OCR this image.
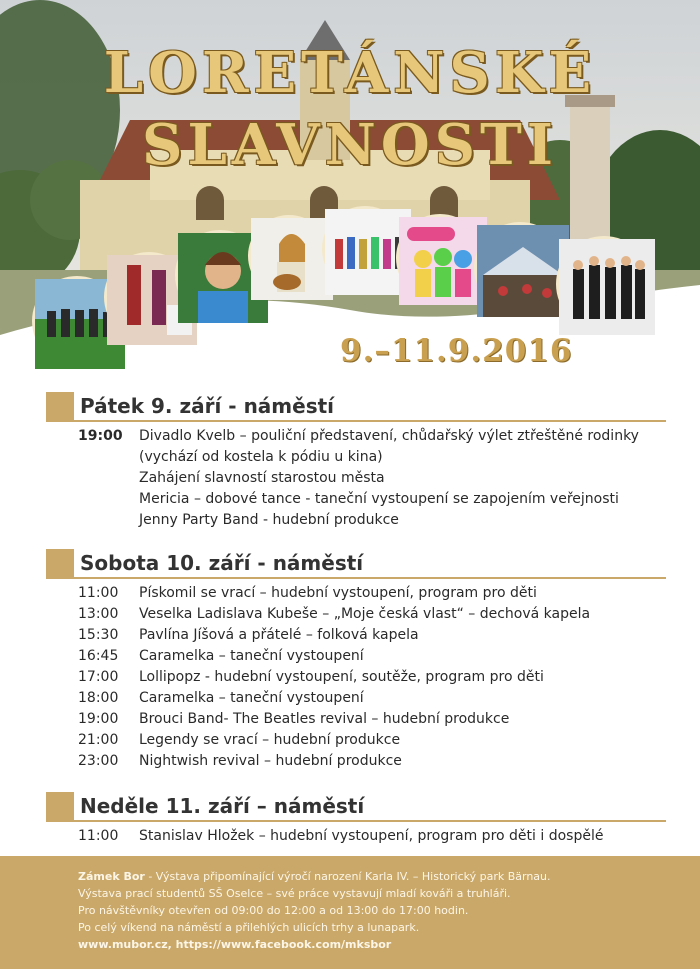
LORETÁNSKÉ
SLAVNOSTI
9.–11.9.2016
Pátek 9. září - náměstí
19:00	Divadlo Kvelb – pouliční představení, chůdařský výlet ztřeštěné rodinky
(vychází od kostela k pódiu u kina)
Zahájení slavností starostou města
Mericia – dobové tance - taneční vystoupení se zapojením veřejnosti
Jenny Party Band - hudební produkce
Sobota 10. září - náměstí
11:00	Pískomil se vrací – hudební vystoupení, program pro děti
13:00	Veselka Ladislava Kubeše – „Moje česká vlast“ – dechová kapela
15:30	Pavlína Jíšová a přátelé – folková kapela
16:45	Caramelka – taneční vystoupení
17:00	Lollipopz - hudební vystoupení, soutěže, program pro děti
18:00	Caramelka – taneční vystoupení
19:00	Brouci Band- The Beatles revival – hudební produkce
21:00	Legendy se vrací – hudební produkce
23:00	Nightwish revival – hudební produkce
Neděle 11. září – náměstí
11:00	Stanislav Hložek – hudební vystoupení, program pro děti i dospělé

Zámek Bor - Výstava připomínající výročí narození Karla IV. – Historický park Bärnau.

Výstava prací studentů SŠ Oselce – své práce vystavují mladí kováři a truhláři.

Pro návštěvníky otevřen od 09:00 do 12:00 a od 13:00 do 17:00 hodin.

Po celý víkend na náměstí a přilehlých ulicích trhy a lunapark.

www.mubor.cz, https://www.facebook.com/mksbor
